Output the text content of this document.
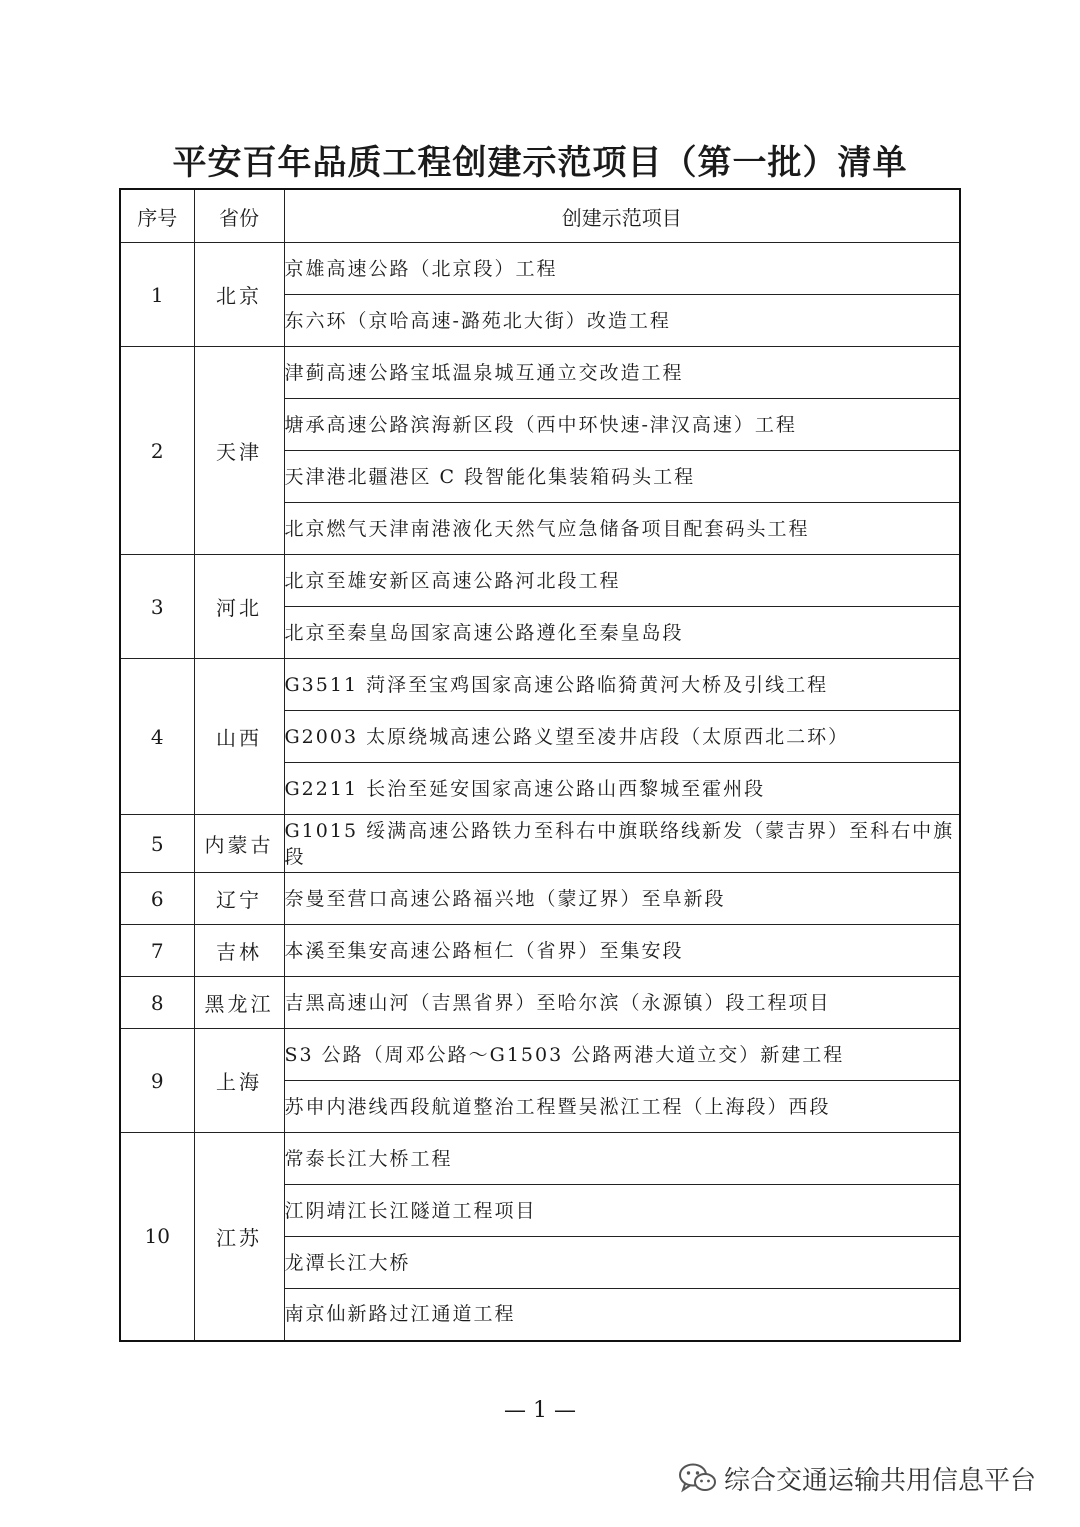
平安百年品质工程创建示范项目（第一批）清单
序号	省份	创建示范项目
1	北京	京雄高速公路（北京段）工程
		东六环（京哈高速-潞苑北大街）改造工程
2	天津	津蓟高速公路宝坻温泉城互通立交改造工程
		塘承高速公路滨海新区段（西中环快速-津汉高速）工程
		天津港北疆港区 C 段智能化集装箱码头工程
		北京燃气天津南港液化天然气应急储备项目配套码头工程
3	河北	北京至雄安新区高速公路河北段工程
		北京至秦皇岛国家高速公路遵化至秦皇岛段
4	山西	G3511 菏泽至宝鸡国家高速公路临猗黄河大桥及引线工程
		G2003 太原绕城高速公路义望至凌井店段（太原西北二环）
		G2211 长治至延安国家高速公路山西黎城至霍州段
5	内蒙古	G1015 绥满高速公路铁力至科右中旗联络线新发（蒙吉界）至科右中旗段
6	辽宁	奈曼至营口高速公路福兴地（蒙辽界）至阜新段
7	吉林	本溪至集安高速公路桓仁（省界）至集安段
8	黑龙江	吉黑高速山河（吉黑省界）至哈尔滨（永源镇）段工程项目
9	上海	S3 公路（周邓公路～G1503 公路两港大道立交）新建工程
		苏申内港线西段航道整治工程暨吴淞江工程（上海段）西段
10	江苏	常泰长江大桥工程
		江阴靖江长江隧道工程项目
		龙潭长江大桥
		南京仙新路过江通道工程
— 1 —
综合交通运输共用信息平台
